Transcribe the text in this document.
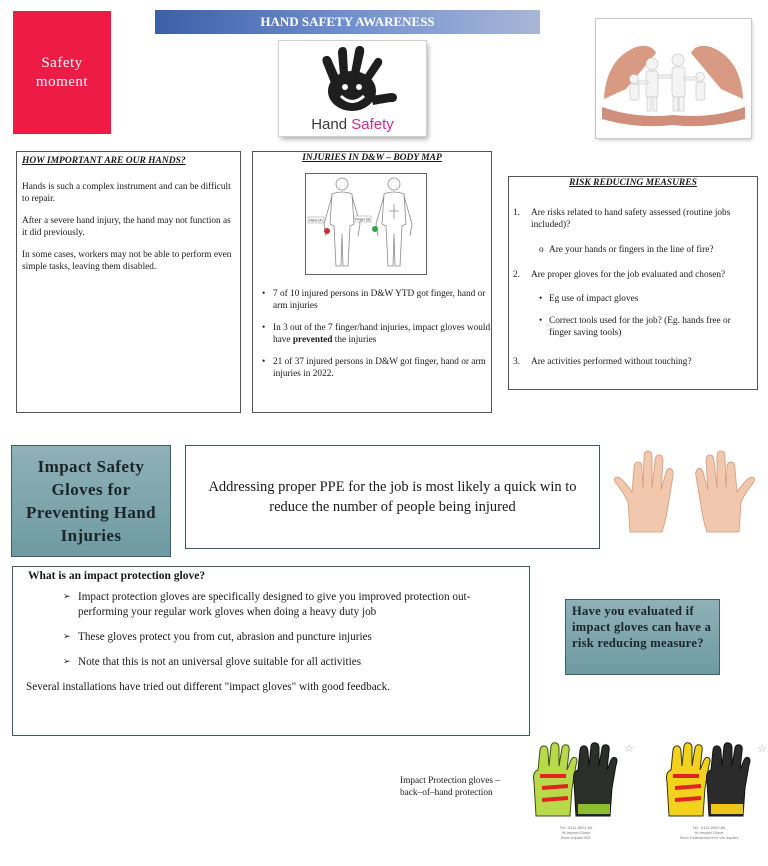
HAND SAFETY AWARENESS
Safety
moment
Hand Safety
HOW IMPORTANT ARE OUR HANDS?

Hands is such a complex instrument and can be difficult to repair.

After a severe hand injury, the hand may not function as it did previously.

In some cases, workers may not be able to perform even simple tasks, leaving them disabled.

INJURIES IN D&W – BODY MAP
Hand (4)	Finger (3)
• 7 of 10 injured persons in D&W YTD got finger, hand or arm injuries
• In 3 out of the 7 finger/hand injuries, impact gloves would have prevented the injuries
• 21 of 37 injured persons in D&W got finger, hand or arm injuries in 2022.
RISK REDUCING MEASURES
1. Are risks related to hand safety assessed (routine jobs included)?
o Are your hands or fingers in the line of fire?
2. Are proper gloves for the job evaluated and chosen?
• Eg use of impact gloves
• Correct tools used for the job? (Eg. hands free or finger saving tools)
3. Are activities performed without touching?
Impact Safety
Gloves for
Preventing Hand
Injuries
Addressing proper PPE for the job is most likely a quick win to reduce the number of people being injured
What is an impact protection glove?
➢ Impact protection gloves are specifically designed to give you improved protection out-performing your regular work gloves when doing a heavy duty job
➢ These gloves protect you from cut, abrasion and puncture injuries
➢ Note that this is not an universal glove suitable for all activities

Several installations have tried out different "impact gloves" with good feedback.

Have you evaluated if impact gloves can have a risk reducing measure?
Impact Protection gloves –
back–of–hand protection
☆
Tel.: 0111-8001-66
Hi-Impact Glove
Boxx Impact 801
☆
Tel.: 0111-8002-66
Hi-Impact Glove
Boxx Endeavourer Hi-Vis Impact
